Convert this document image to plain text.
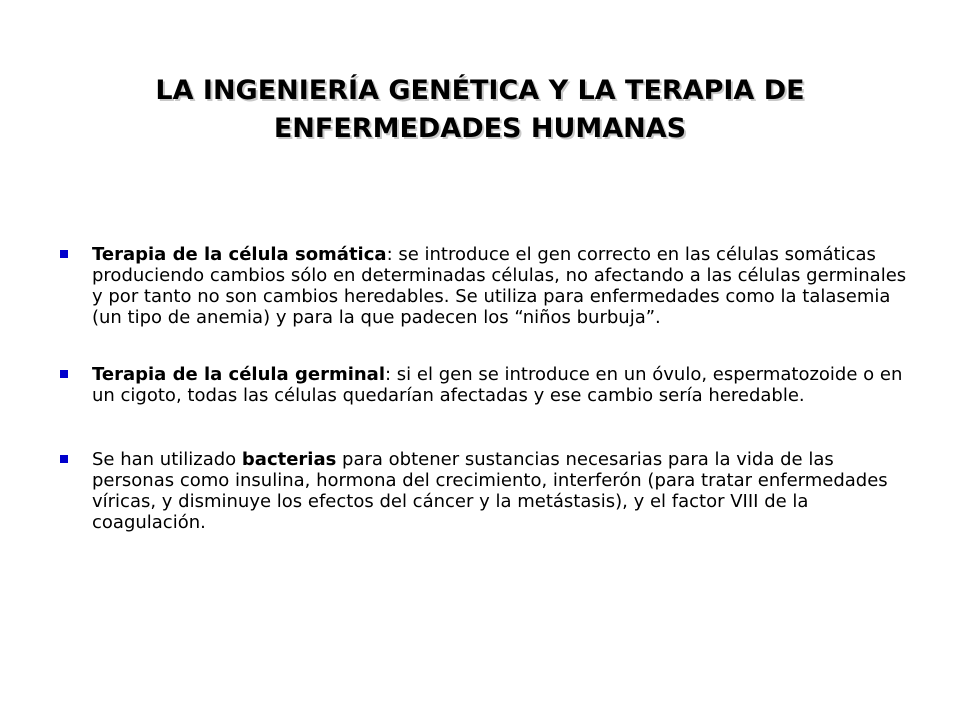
LA INGENIERÍA GENÉTICA Y LA TERAPIA DE
ENFERMEDADES HUMANAS
Terapia de la célula somática: se introduce el gen correcto en las células somáticas produciendo cambios sólo en determinadas células, no afectando a las células germinales y por tanto no son cambios heredables. Se utiliza para enfermedades como la talasemia (un tipo de anemia) y para la que padecen los “niños burbuja”.
Terapia de la célula germinal: si el gen se introduce en un óvulo, espermatozoide o en un cigoto, todas las células quedarían afectadas y ese cambio sería heredable.
Se han utilizado bacterias para obtener sustancias necesarias para la vida de las personas como insulina, hormona del crecimiento, interferón (para tratar enfermedades víricas, y disminuye los efectos del cáncer y la metástasis), y el factor VIII de la coagulación.
